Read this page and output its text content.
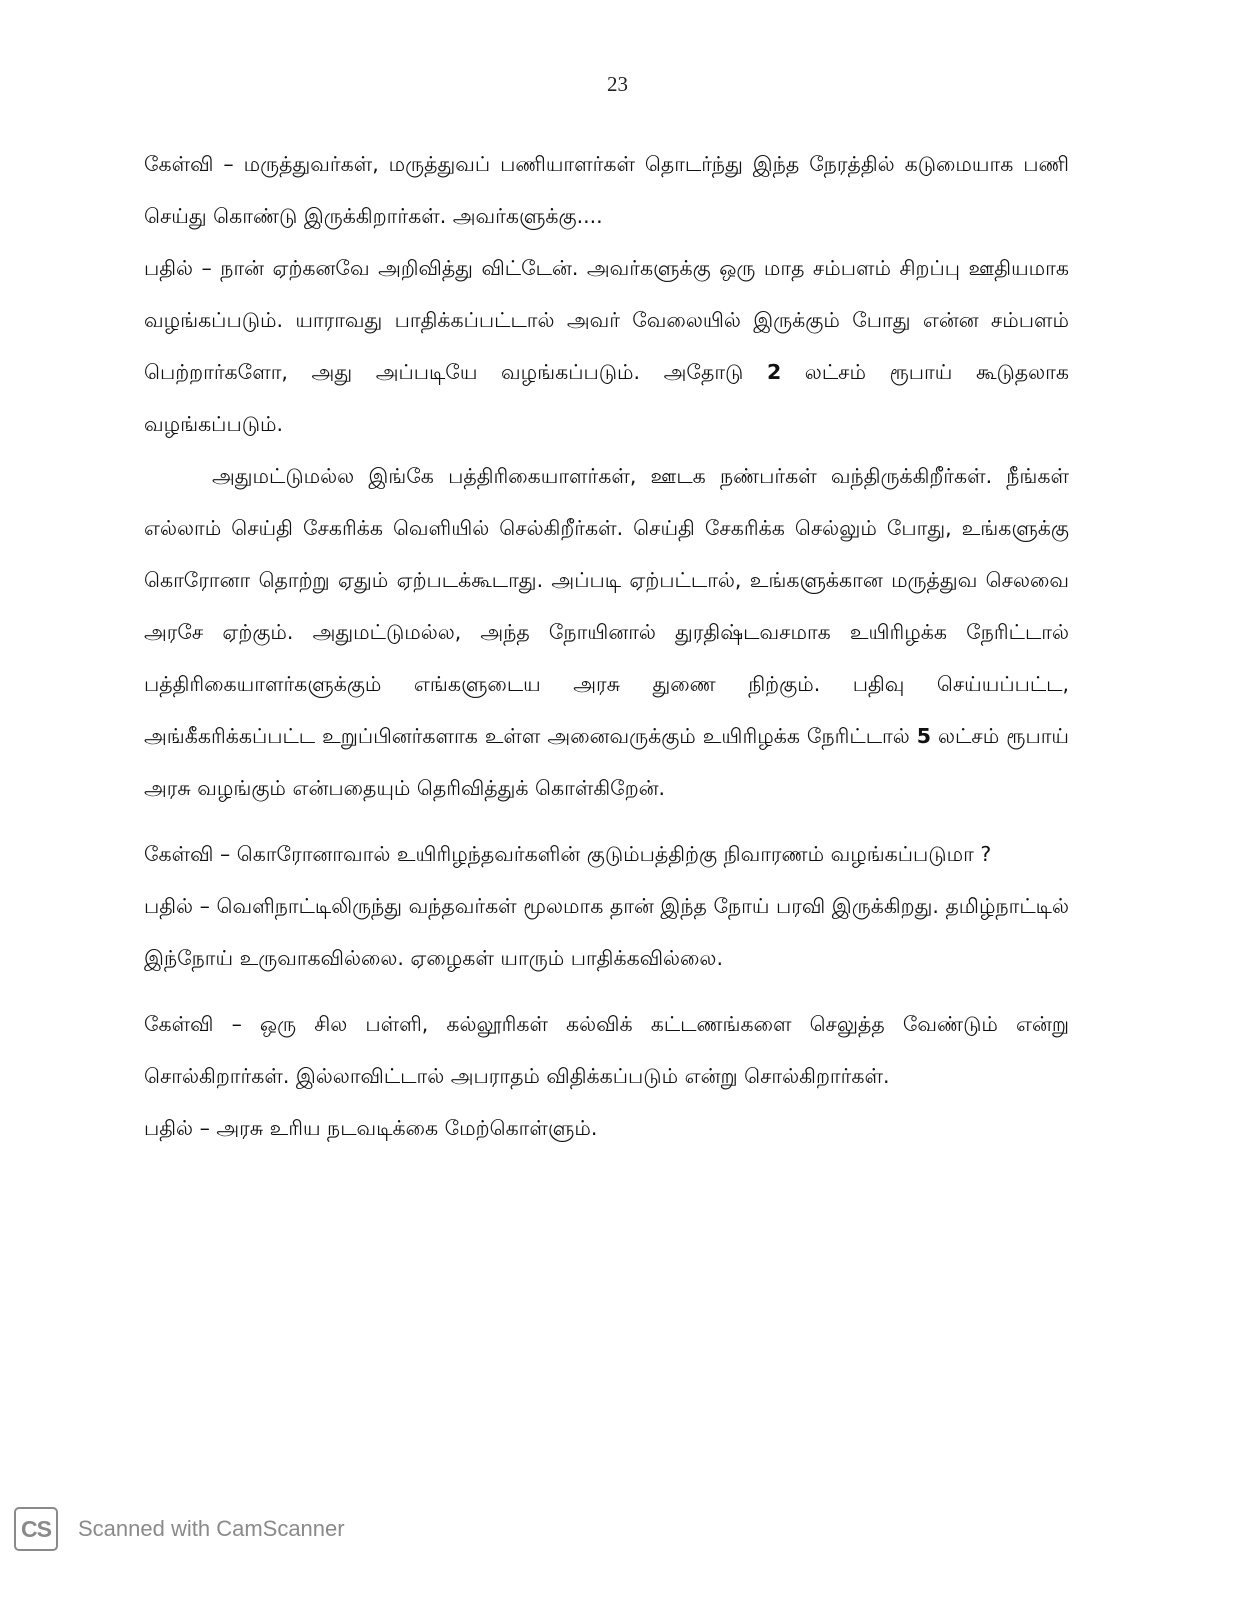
23

கேள்வி – மருத்துவர்கள், மருத்துவப் பணியாளர்கள் தொடர்ந்து இந்த நேரத்தில் கடுமையாக பணி செய்து கொண்டு இருக்கிறார்கள். அவர்களுக்கு....

பதில் – நான் ஏற்கனவே அறிவித்து விட்டேன். அவர்களுக்கு ஒரு மாத சம்பளம் சிறப்பு ஊதியமாக வழங்கப்படும். யாராவது பாதிக்கப்பட்டால் அவர் வேலையில் இருக்கும் போது என்ன சம்பளம் பெற்றார்களோ, அது அப்படியே வழங்கப்படும். அதோடு 2 லட்சம் ரூபாய் கூடுதலாக வழங்கப்படும்.

அதுமட்டுமல்ல இங்கே பத்திரிகையாளர்கள், ஊடக நண்பர்கள் வந்திருக்கிறீர்கள். நீங்கள் எல்லாம் செய்தி சேகரிக்க வெளியில் செல்கிறீர்கள். செய்தி சேகரிக்க செல்லும் போது, உங்களுக்கு கொரோனா தொற்று ஏதும் ஏற்படக்கூடாது. அப்படி ஏற்பட்டால், உங்களுக்கான மருத்துவ செலவை அரசே ஏற்கும். அதுமட்டுமல்ல, அந்த நோயினால் துரதிஷ்டவசமாக உயிரிழக்க நேரிட்டால் பத்திரிகையாளர்களுக்கும் எங்களுடைய அரசு துணை நிற்கும். பதிவு செய்யப்பட்ட, அங்கீகரிக்கப்பட்ட உறுப்பினர்களாக உள்ள அனைவருக்கும் உயிரிழக்க நேரிட்டால் 5 லட்சம் ரூபாய் அரசு வழங்கும் என்பதையும் தெரிவித்துக் கொள்கிறேன்.

கேள்வி – கொரோனாவால் உயிரிழந்தவர்களின் குடும்பத்திற்கு நிவாரணம் வழங்கப்படுமா ?

பதில் – வெளிநாட்டிலிருந்து வந்தவர்கள் மூலமாக தான் இந்த நோய் பரவி இருக்கிறது. தமிழ்நாட்டில் இந்நோய் உருவாகவில்லை. ஏழைகள் யாரும் பாதிக்கவில்லை.

கேள்வி – ஒரு சில பள்ளி, கல்லூரிகள் கல்விக் கட்டணங்களை செலுத்த வேண்டும் என்று சொல்கிறார்கள். இல்லாவிட்டால் அபராதம் விதிக்கப்படும் என்று சொல்கிறார்கள்.

பதில் – அரசு உரிய நடவடிக்கை மேற்கொள்ளும்.

CS	Scanned with CamScanner
